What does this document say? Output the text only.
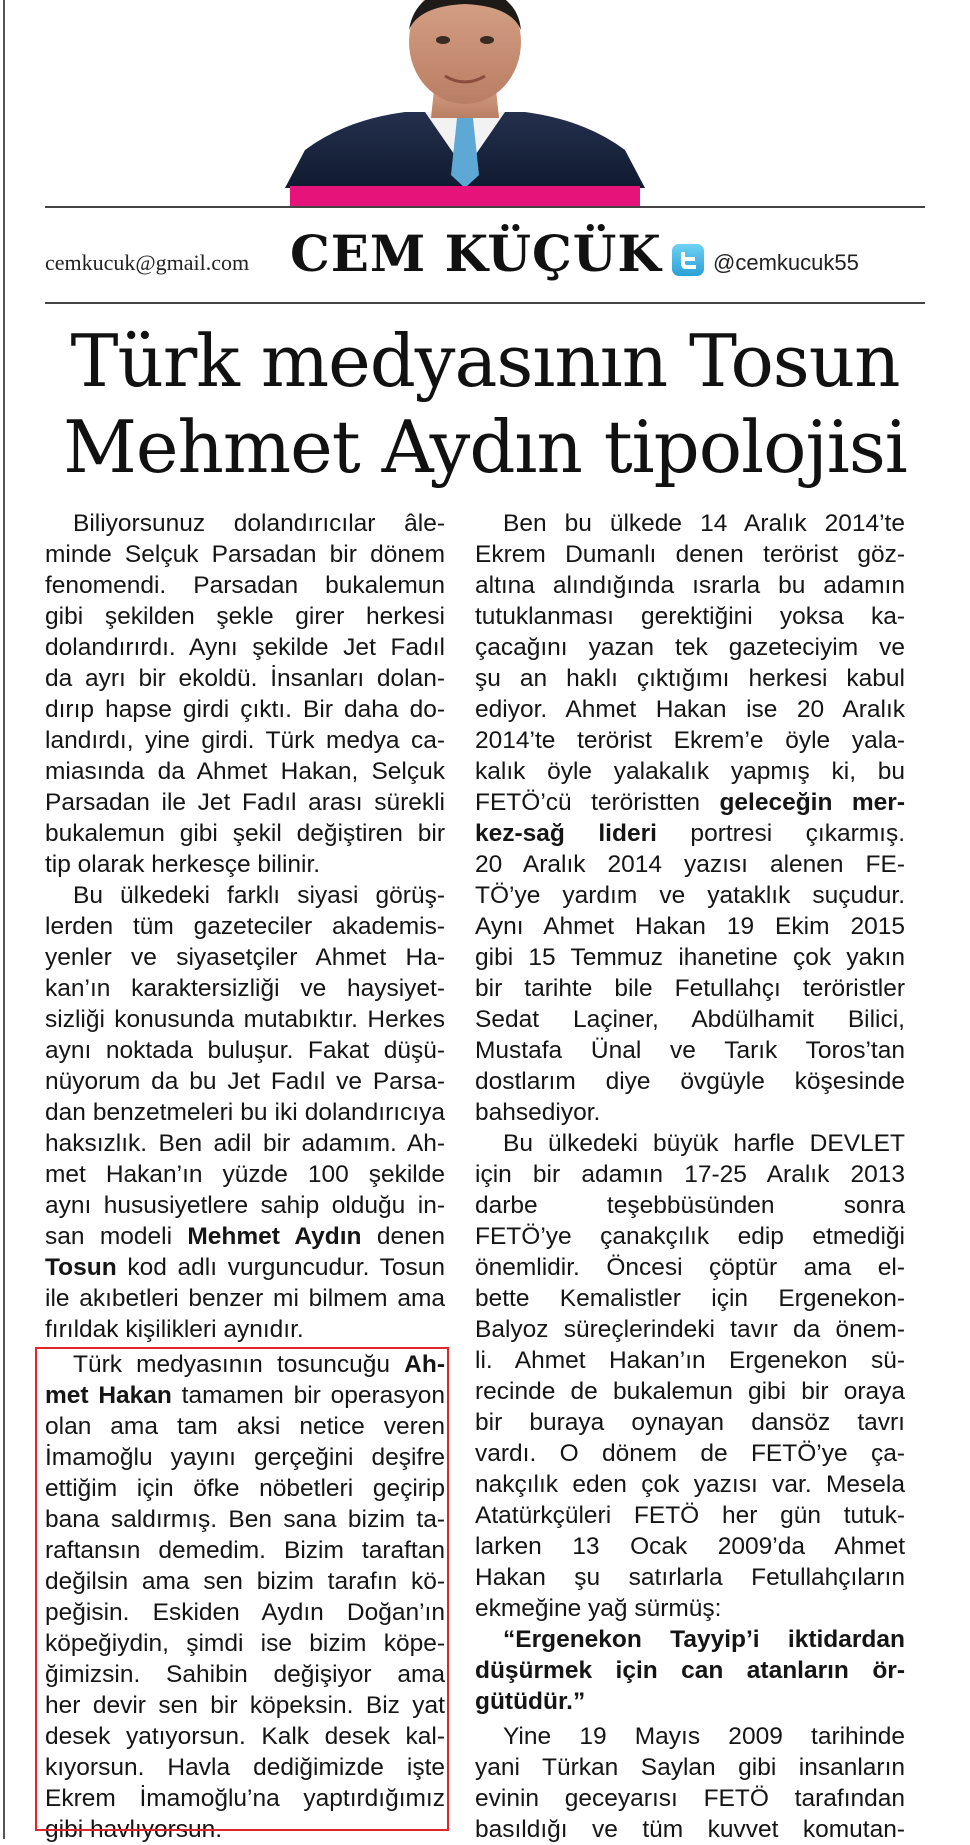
cemkucuk@gmail.com CEM KÜÇÜK @cemkucuk55
Türk medyasının Tosun
Mehmet Aydın tipolojisi
Biliyorsunuz dolandırıcılar âle-
minde Selçuk Parsadan bir dönem
fenomendi. Parsadan bukalemun
gibi şekilden şekle girer herkesi
dolandırırdı. Aynı şekilde Jet Fadıl
da ayrı bir ekoldü. İnsanları dolan-
dırıp hapse girdi çıktı. Bir daha do-
landırdı, yine girdi. Türk medya ca-
miasında da Ahmet Hakan, Selçuk
Parsadan ile Jet Fadıl arası sürekli
bukalemun gibi şekil değiştiren bir
tip olarak herkesçe bilinir.
Bu ülkedeki farklı siyasi görüş-
lerden tüm gazeteciler akademis-
yenler ve siyasetçiler Ahmet Ha-
kan’ın karaktersizliği ve haysiyet-
sizliği konusunda mutabıktır. Herkes
aynı noktada buluşur. Fakat düşü-
nüyorum da bu Jet Fadıl ve Parsa-
dan benzetmeleri bu iki dolandırıcıya
haksızlık. Ben adil bir adamım. Ah-
met Hakan’ın yüzde 100 şekilde
aynı hususiyetlere sahip olduğu in-
san modeli Mehmet Aydın denen
Tosun kod adlı vurguncudur. Tosun
ile akıbetleri benzer mi bilmem ama
fırıldak kişilikleri aynıdır.
Türk medyasının tosuncuğu Ah-
met Hakan tamamen bir operasyon
olan ama tam aksi netice veren
İmamoğlu yayını gerçeğini deşifre
ettiğim için öfke nöbetleri geçirip
bana saldırmış. Ben sana bizim ta-
raftansın demedim. Bizim taraftan
değilsin ama sen bizim tarafın kö-
peğisin. Eskiden Aydın Doğan’ın
köpeğiydin, şimdi ise bizim köpe-
ğimizsin. Sahibin değişiyor ama
her devir sen bir köpeksin. Biz yat
desek yatıyorsun. Kalk desek kal-
kıyorsun. Havla dediğimizde işte
Ekrem İmamoğlu’na yaptırdığımız
gibi havlıyorsun.
Ben bu ülkede 14 Aralık 2014’te
Ekrem Dumanlı denen terörist göz-
altına alındığında ısrarla bu adamın
tutuklanması gerektiğini yoksa ka-
çacağını yazan tek gazeteciyim ve
şu an haklı çıktığımı herkesi kabul
ediyor. Ahmet Hakan ise 20 Aralık
2014’te terörist Ekrem’e öyle yala-
kalık öyle yalakalık yapmış ki, bu
FETÖ’cü teröristten geleceğin mer-
kez-sağ lideri portresi çıkarmış.
20 Aralık 2014 yazısı alenen FE-
TÖ’ye yardım ve yataklık suçudur.
Aynı Ahmet Hakan 19 Ekim 2015
gibi 15 Temmuz ihanetine çok yakın
bir tarihte bile Fetullahçı teröristler
Sedat Laçiner, Abdülhamit Bilici,
Mustafa Ünal ve Tarık Toros’tan
dostlarım diye övgüyle köşesinde
bahsediyor.
Bu ülkedeki büyük harfle DEVLET
için bir adamın 17-25 Aralık 2013
darbe teşebbüsünden sonra
FETÖ’ye çanakçılık edip etmediği
önemlidir. Öncesi çöptür ama el-
bette Kemalistler için Ergenekon-
Balyoz süreçlerindeki tavır da önem-
li. Ahmet Hakan’ın Ergenekon sü-
recinde de bukalemun gibi bir oraya
bir buraya oynayan dansöz tavrı
vardı. O dönem de FETÖ’ye ça-
nakçılık eden çok yazısı var. Mesela
Atatürkçüleri FETÖ her gün tutuk-
larken 13 Ocak 2009’da Ahmet
Hakan şu satırlarla Fetullahçıların
ekmeğine yağ sürmüş:
“Ergenekon Tayyip’i iktidardan
düşürmek için can atanların ör-
gütüdür.”
Yine 19 Mayıs 2009 tarihinde
yani Türkan Saylan gibi insanların
evinin geceyarısı FETÖ tarafından
basıldığı ve tüm kuvvet komutan-
